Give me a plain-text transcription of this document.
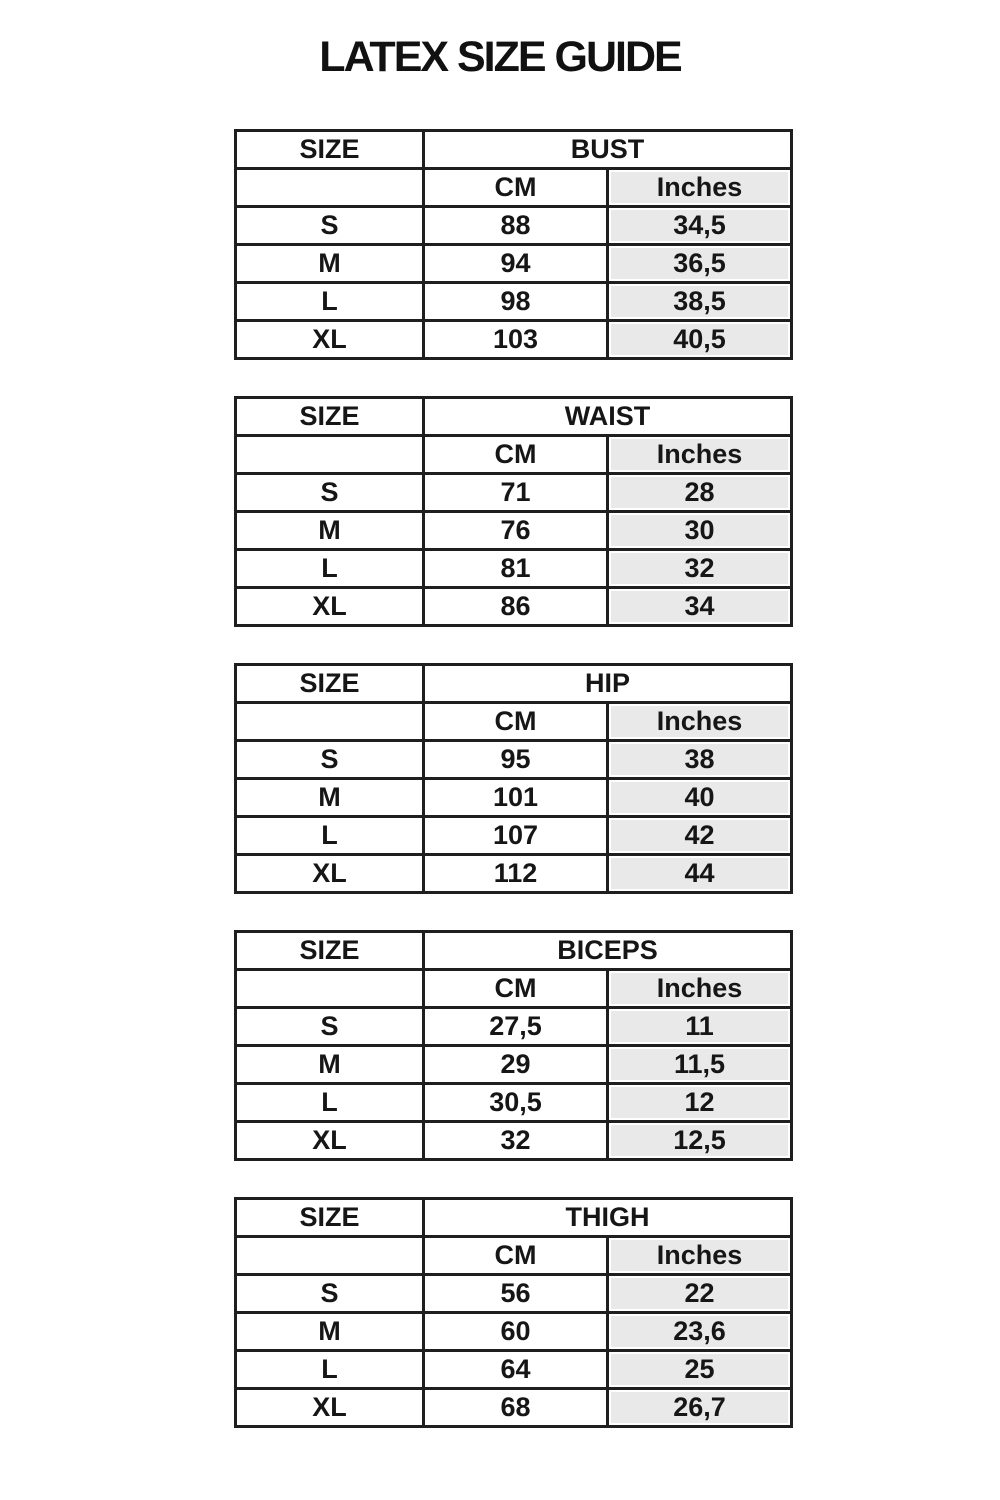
LATEX SIZE GUIDE
SIZE	BUST	
	CM	Inches
S	88	34,5
M	94	36,5
L	98	38,5
XL	103	40,5
SIZE	WAIST	
	CM	Inches
S	71	28
M	76	30
L	81	32
XL	86	34
SIZE	HIP	
	CM	Inches
S	95	38
M	101	40
L	107	42
XL	112	44
SIZE	BICEPS	
	CM	Inches
S	27,5	11
M	29	11,5
L	30,5	12
XL	32	12,5
SIZE	THIGH	
	CM	Inches
S	56	22
M	60	23,6
L	64	25
XL	68	26,7
